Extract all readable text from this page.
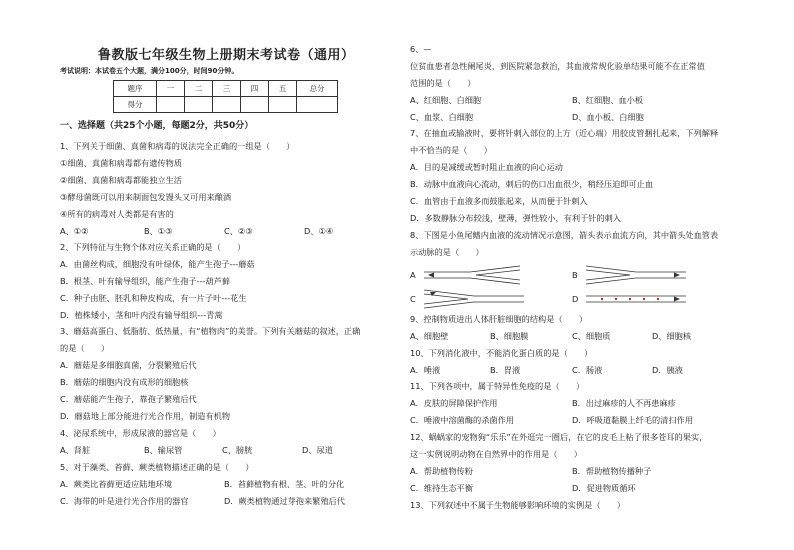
鲁教版七年级生物上册期末考试卷（通用）
考试说明：本试卷五个大题，满分100分，时间90分钟。
题序	一	二	三	四	五	总分
得分						
一、选择题（共25个小题，每题2分，共50分）
1、下列关于细菌、真菌和病毒的说法完全正确的一组是（　　）
①细菌、真菌和病毒都有遗传物质
②细菌、真菌和病毒都能独立生活
③酵母菌既可以用来制面包发馒头又可用来酿酒
④所有的病毒对人类都是有害的
A、①②	B、①③	C、②③	D、①④
2、下列特征与生物个体对应关系正确的是（　　）
A．由菌丝构成，细胞没有叶绿体，能产生孢子---蘑菇
B．根茎、叶有输导组织，能产生孢子---葫芦藓
C．种子由胚、胚乳和种皮构成，有一片子叶---花生
D．植株矮小，茎和叶内没有输导组织---青蒿
3、蘑菇高蛋白、低脂肪、低热量，有“植物肉”的美誉。下列有关蘑菇的叙述，正确
的是（　　）
A．蘑菇是多细胞真菌，分裂繁殖后代
B．蘑菇的细胞内没有成形的细胞核
C．蘑菇能产生孢子，靠孢子繁殖后代
D．蘑菇地上部分能进行光合作用，制造有机物
4、泌尿系统中，形成尿液的器官是（　　）
A、肾脏	B、输尿管	C、膀胱	D、尿道
5、对于藻类、苔藓、蕨类植物描述正确的是（　　）
A．蕨类比苔藓更适应陆地环境	B．苔藓植物有根、茎、叶的分化
C．海带的叶是进行光合作用的器官	D．蕨类植物通过芽孢来繁殖后代
6、—
位贫血患者急性阑尾炎，到医院紧急救治，其血液常规化验单结果可能不在正常值
范围的是（　　）
A、红细胞、白细胞	B、红细胞、血小板
C、血浆、白细胞	D、血小板、白细胞
7、在抽血或输液时，要将针刺入部位的上方（近心端）用胶皮管捆扎起来，下列解释
中不恰当的是（　　）
A．目的是减缓或暂时阻止血液的向心运动
B．动脉中血液向心流动，刺后的伤口出血很少，稍经压迫即可止血
C．血管由于血液多而鼓胀起来，从而便于针刺入
D．多数静脉分布较浅，壁薄，弹性较小，有利于针的刺入
8、下图是小鱼尾鳍内血液的流动情况示意图，箭头表示血流方向，其中箭头处血管表
示动脉的是（　　）
A	B
C	D
9、控制物质进出人体肝脏细胞的结构是（　　）
A、细胞壁	B、细胞膜	C、细胞质	D、细胞核
10、下列消化液中，不能消化蛋白质的是（　　）
A．唾液	B．胃液	C．肠液	D．胰液
11、下列各项中，属于特异性免疫的是（　　）
A．皮肤的屏障保护作用	B．出过麻疹的人不再患麻疹
C．唾液中溶菌酶的杀菌作用	D．呼吸道黏膜上纤毛的清扫作用
12、蜗蜗家的宠物狗“乐乐”在外逛完一圈后，在它的皮毛上粘了很多苍耳的果实，
这一实例说明动物在自然界中的作用是（　　）
A．帮助植物传粉	B．帮助植物传播种子
C．维持生态平衡	D．促进物质循环
13、下列叙述中不属于生物能够影响环境的实例是（　　）
